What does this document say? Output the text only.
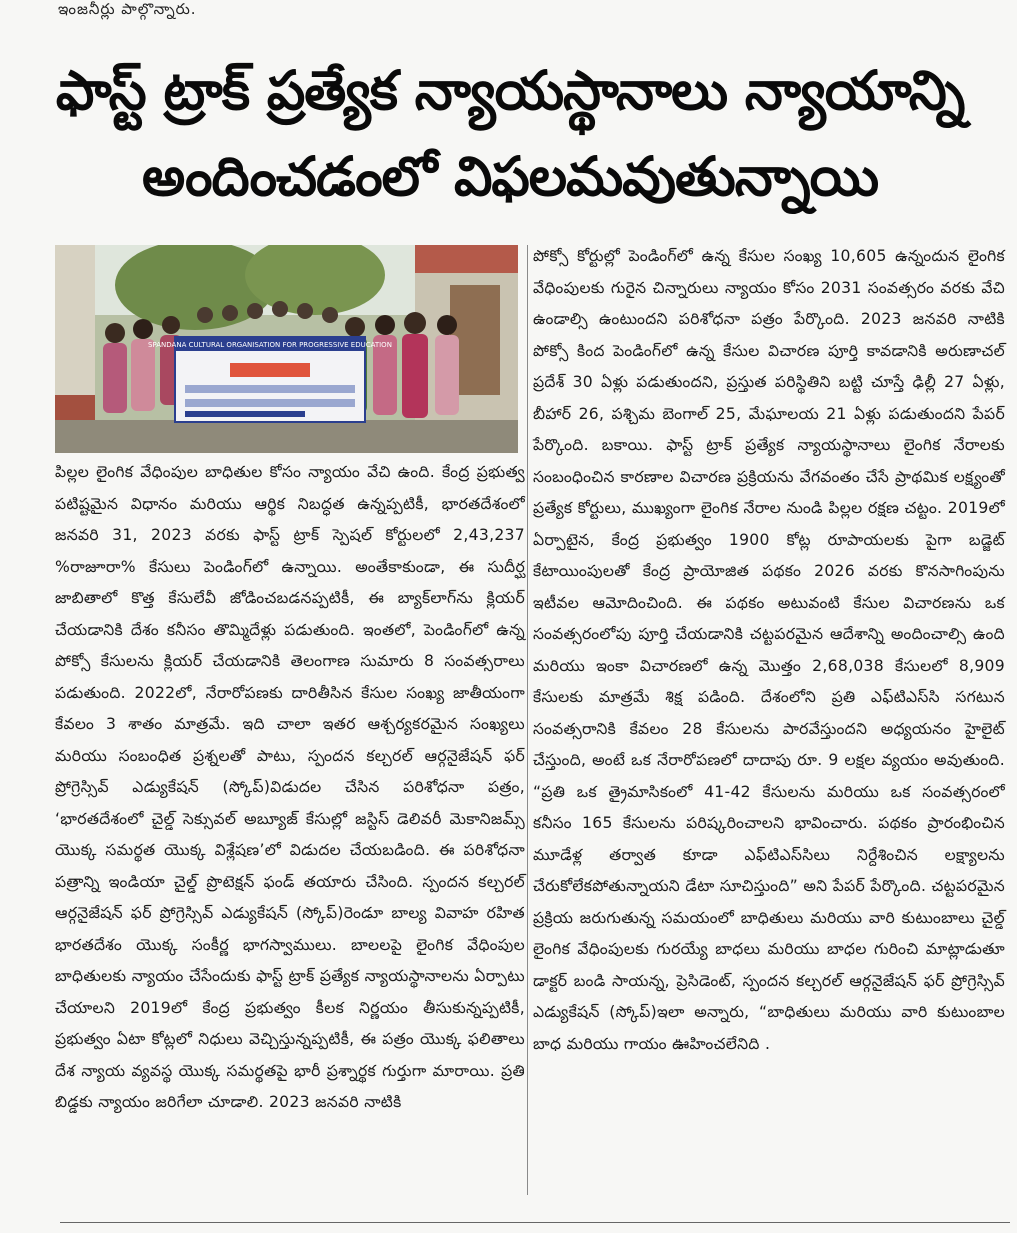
ఇంజనీర్లు పాల్గొన్నారు.
ఫాస్ట్ ట్రాక్ ప్రత్యేక న్యాయస్థానాలు న్యాయాన్ని
అందించడంలో విఫలమవుతున్నాయి
SPANDANA CULTURAL ORGANISATION FOR PROGRESSIVE EDUCATION

పిల్లల లైంగిక వేధింపుల బాధితుల కోసం న్యాయం వేచి ఉంది. కేంద్ర ప్రభుత్వ పటిష్టమైన విధానం మరియు ఆర్థిక నిబద్ధత ఉన్నప్పటికీ, భారతదేశంలో జనవరి 31, 2023 వరకు ఫాస్ట్ ట్రాక్ స్పెషల్ కోర్టులలో 2,43,237 %రాజూరా% కేసులు పెండింగ్‌లో ఉన్నాయి. అంతేకాకుండా, ఈ సుదీర్ఘ జాబితాలో కొత్త కేసులేవీ జోడించబడనప్పటికీ, ఈ బ్యాక్‌లాగ్‌ను క్లియర్ చేయడానికి దేశం కనీసం తొమ్మిదేళ్లు పడుతుంది. ఇంతలో, పెండింగ్‌లో ఉన్న పోక్సో కేసులను క్లియర్ చేయడానికి తెలంగాణ సుమారు 8 సంవత్సరాలు పడుతుంది. 2022లో, నేరారోపణకు దారితీసిన కేసుల సంఖ్య జాతీయంగా కేవలం 3 శాతం మాత్రమే. ఇది చాలా ఇతర ఆశ్చర్యకరమైన సంఖ్యలు మరియు సంబంధిత ప్రశ్నలతో పాటు, స్పందన కల్చరల్ ఆర్గనైజేషన్ ఫర్ ప్రోగ్రెస్సివ్ ఎడ్యుకేషన్ (స్కోప్)విడుదల చేసిన పరిశోధనా పత్రం, ‘భారతదేశంలో చైల్డ్ సెక్సువల్ అబ్యూజ్ కేసుల్లో జస్టిస్ డెలివరీ మెకానిజమ్స్ యొక్క సమర్థత యొక్క విశ్లేషణ’లో విడుదల చేయబడింది. ఈ పరిశోధనా పత్రాన్ని ఇండియా చైల్డ్ ప్రొటెక్షన్ ఫండ్ తయారు చేసింది. స్పందన కల్చరల్ ఆర్గనైజేషన్ ఫర్ ప్రోగ్రెస్సివ్ ఎడ్యుకేషన్ (స్కోప్)రెండూ బాల్య వివాహ రహిత భారతదేశం యొక్క సంకీర్ణ భాగస్వాములు. బాలలపై లైంగిక వేధింపుల బాధితులకు న్యాయం చేసేందుకు ఫాస్ట్ ట్రాక్ ప్రత్యేక న్యాయస్థానాలను ఏర్పాటు చేయాలని 2019లో కేంద్ర ప్రభుత్వం కీలక నిర్ణయం తీసుకున్నప్పటికీ, ప్రభుత్వం ఏటా కోట్లలో నిధులు వెచ్చిస్తున్నప్పటికీ, ఈ పత్రం యొక్క ఫలితాలు దేశ న్యాయ వ్యవస్థ యొక్క సమర్థతపై భారీ ప్రశ్నార్థక గుర్తుగా మారాయి. ప్రతి బిడ్డకు న్యాయం జరిగేలా చూడాలి. 2023 జనవరి నాటికి

పోక్సో కోర్టుల్లో పెండింగ్‌లో ఉన్న కేసుల సంఖ్య 10,605 ఉన్నందున లైంగిక వేధింపులకు గురైన చిన్నారులు న్యాయం కోసం 2031 సంవత్సరం వరకు వేచి ఉండాల్సి ఉంటుందని పరిశోధనా పత్రం పేర్కొంది. 2023 జనవరి నాటికి పోక్సో కింద పెండింగ్‌లో ఉన్న కేసుల విచారణ పూర్తి కావడానికి అరుణాచల్ ప్రదేశ్ 30 ఏళ్లు పడుతుందని, ప్రస్తుత పరిస్థితిని బట్టి చూస్తే ఢిల్లీ 27 ఏళ్లు, బీహార్ 26, పశ్చిమ బెంగాల్ 25, మేఘాలయ 21 ఏళ్లు పడుతుందని పేపర్ పేర్కొంది. బకాయి. ఫాస్ట్ ట్రాక్ ప్రత్యేక న్యాయస్థానాలు లైంగిక నేరాలకు సంబంధించిన కారణాల విచారణ ప్రక్రియను వేగవంతం చేసే ప్రాథమిక లక్ష్యంతో ప్రత్యేక కోర్టులు, ముఖ్యంగా లైంగిక నేరాల నుండి పిల్లల రక్షణ చట్టం. 2019లో ఏర్పాటైన, కేంద్ర ప్రభుత్వం 1900 కోట్ల రూపాయలకు పైగా బడ్జెట్ కేటాయింపులతో కేంద్ర ప్రాయోజిత పథకం 2026 వరకు కొనసాగింపును ఇటీవల ఆమోదించింది. ఈ పథకం అటువంటి కేసుల విచారణను ఒక సంవత్సరంలోపు పూర్తి చేయడానికి చట్టపరమైన ఆదేశాన్ని అందించాల్సి ఉంది మరియు ఇంకా విచారణలో ఉన్న మొత్తం 2,68,038 కేసులలో 8,909 కేసులకు మాత్రమే శిక్ష పడింది. దేశంలోని ప్రతి ఎఫ్‌టిఎస్‌సి సగటున సంవత్సరానికి కేవలం 28 కేసులను పారవేస్తుందని అధ్యయనం హైలైట్ చేస్తుంది, అంటే ఒక నేరారోపణలో దాదాపు రూ. 9 లక్షల వ్యయం అవుతుంది. “ప్రతి ఒక త్రైమాసికంలో 41-42 కేసులను మరియు ఒక సంవత్సరంలో కనీసం 165 కేసులను పరిష్కరించాలని భావించారు. పథకం ప్రారంభించిన మూడేళ్ల తర్వాత కూడా ఎఫ్‌టిఎస్‌సిలు నిర్దేశించిన లక్ష్యాలను చేరుకోలేకపోతున్నాయని డేటా సూచిస్తుంది” అని పేపర్ పేర్కొంది. చట్టపరమైన ప్రక్రియ జరుగుతున్న సమయంలో బాధితులు మరియు వారి కుటుంబాలు చైల్డ్ లైంగిక వేధింపులకు గురయ్యే బాధలు మరియు బాధల గురించి మాట్లాడుతూ డాక్టర్ బండి సాయన్న, ప్రెసిడెంట్, స్పందన కల్చరల్ ఆర్గనైజేషన్ ఫర్ ప్రోగ్రెస్సివ్ ఎడ్యుకేషన్ (స్కోప్)ఇలా అన్నారు, “బాధితులు మరియు వారి కుటుంబాల బాధ మరియు గాయం ఊహించలేనిది .
